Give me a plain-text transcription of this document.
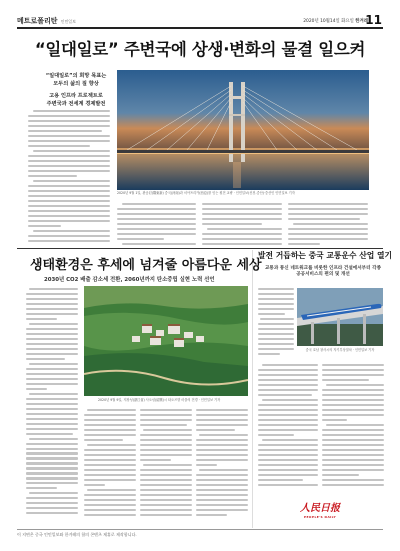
메트로폴리탄 인민일보	2020년 10월14일 화요일 한겨레
11
“일대일로” 주변국에 상생·변화의 물결 일으켜
“일대일로”의 희망 목표는
모두의 삶의 질 향상
고용 인프라 프로젝트로
주변국과 전세계 경제발전
2020년 9월 1일, 완공된(鄭東新) 중국(河南)과 서아프리카(西亞)를 잇는 원전 교량 · 인민일보(신천-중산)·중산인 인민일보 기자
생태환경은 후세에 넘겨줄 아름다운 세상
2030년 CO2 배출 감소세 전환, 2060년까지 탄소중립 실현 노력 선언
2020년 9월 9일, 저장성(浙江省) 사오싱(紹興)시 타오즈향 마을의 전경 · 인민일보 기자
발전 거듭하는 중국 교통운수 산업 열기
교통과 통신 네트워크를 비롯한 인프라 건설에서부터 각종 공공서비스의 편의 및 개선
중국 호남 창사시의 자기부상열차 · 인민일보 기자
人民日报
PEOPLE'S DAILY
이 지면은 중국 인민일보와 한겨레의 합의 콘텐츠 제휴로 제작합니다.
